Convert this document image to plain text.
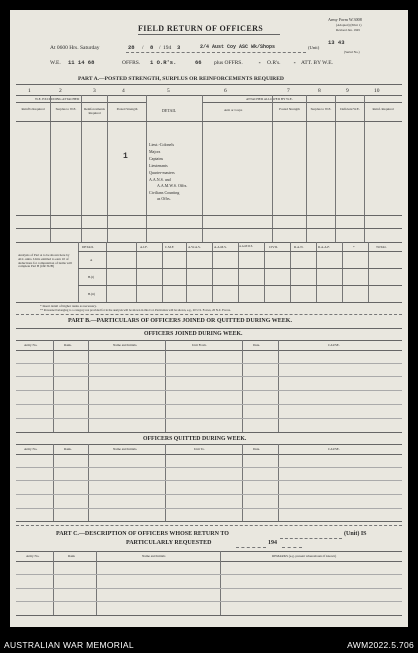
Army Form W.3008
(Adopted) (Print 1)
Revised Jan. 1945
FIELD RETURN OF OFFICERS
At 0600 Hrs. Saturday	28 / 8 / 194 3	2/4 Aust Coy ASC Wk/Shops
13 43
(Unit)
(Serial No.)
W.E. 11 14 68	OFFRS. 1 O.R's.	66 plus OFFRS.	- O.R's. - ATT. BY W.E.
PART A.—POSTED STRENGTH, SURPLUS OR REINFORCEMENTS REQUIRED
1	2	3	4	5	6	7	8	9	10
W.E. EXCLUDING ATTACHED	ATTACHED ALLOWED BY W.E.
Reinf'ts Required	Surplus to W.E.	Reinforcements Required
Posted Strength	DETAIL	Arm or Corps	Posted Strength	Surplus to W.E.	Deficient W.E.	Reinf. Required
1
Lieut.-Colonels
Majors
Captains
Lieutenants
Quarter-masters
A.A.N.S. and
A.A.M.W.S. Offrs.
Civilians Counting
as Offrs.
Analysis of Part A to be shown here by ALL units. Units entitled to earn 10 of deductions for computation of items will complete Part B (OR SUB)
DETAIL	A.I.F.	C.M.F.	A.W.A.S.	A.A.M.S.	A.A.M.W.S.	CIVIL	R.A.N.	R.A.A.F.	*	TOTAL
A
B.(i)
B.(ii)
* Insert detail of higher ranks as necessary.
** Personnel belonging to a category not provided for in the analysis will be shown in this Col. Particulars will be shown, e.g., 20 U.S. Forces, 20 N.Z. Forces.
PART B.—PARTICULARS OF OFFICERS JOINED OR QUITTED DURING WEEK.
OFFICERS JOINED DURING WEEK.
Army No.	Rank.	Name and Initials.	Unit From.	Date.	CAUSE.
OFFICERS QUITTED DURING WEEK.
Army No.	Rank.	Name and Initials.	Unit To.	Date.	CAUSE.
PART C.—DESCRIPTION OF OFFICERS WHOSE RETURN TO	(Unit) IS
PARTICULARLY REQUESTED	194
Army No.	Rank	Name and Initials	REMARKS (e.g. present whereabouts if known)
AUSTRALIAN WAR MEMORIAL	AWM2022.5.706
